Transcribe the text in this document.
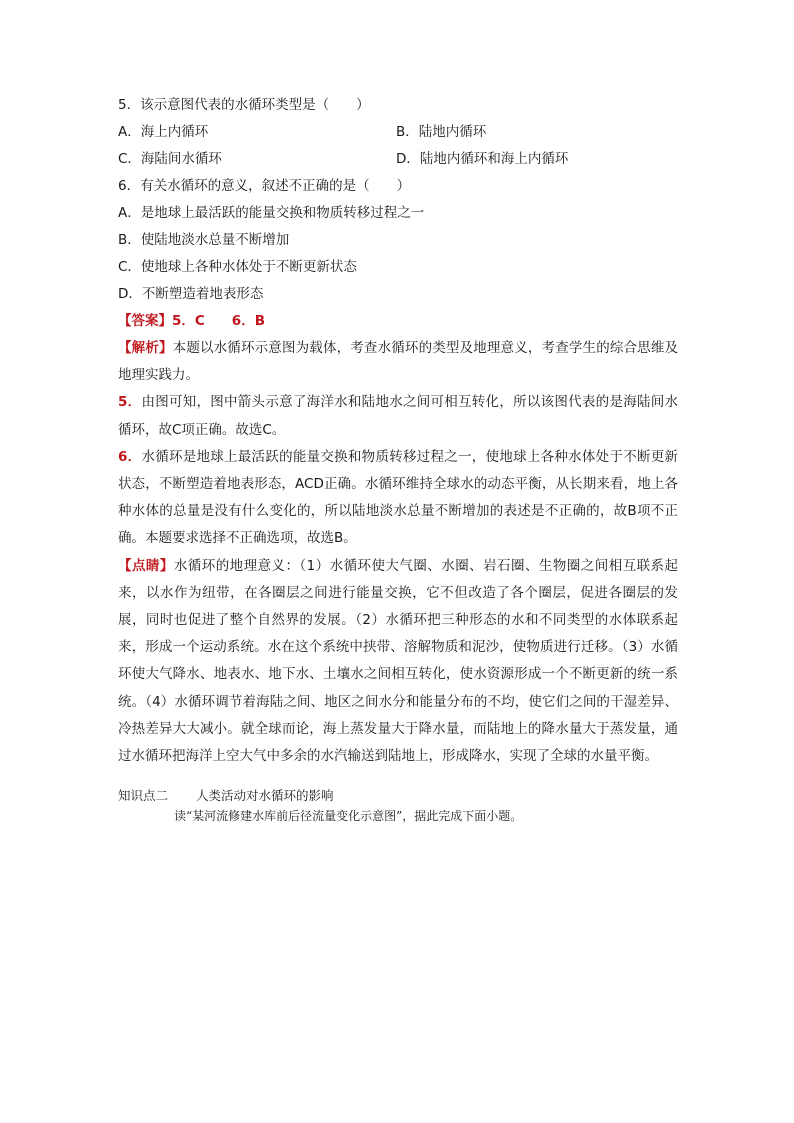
5．该示意图代表的水循环类型是（　　）
A．海上内循环	B．陆地内循环
C．海陆间水循环	D．陆地内循环和海上内循环
6．有关水循环的意义，叙述不正确的是（　　）
A．是地球上最活跃的能量交换和物质转移过程之一
B．使陆地淡水总量不断增加
C．使地球上各种水体处于不断更新状态
D．不断塑造着地表形态
【答案】5．C　　6．B
【解析】本题以水循环示意图为载体，考查水循环的类型及地理意义，考查学生的综合思维及地理实践力。
5．由图可知，图中箭头示意了海洋水和陆地水之间可相互转化，所以该图代表的是海陆间水循环，故C项正确。故选C。
6．水循环是地球上最活跃的能量交换和物质转移过程之一，使地球上各种水体处于不断更新状态，不断塑造着地表形态，ACD正确。水循环维持全球水的动态平衡，从长期来看，地上各种水体的总量是没有什么变化的，所以陆地淡水总量不断增加的表述是不正确的，故B项不正确。本题要求选择不正确选项，故选B。
【点睛】水循环的地理意义：（1）水循环使大气圈、水圈、岩石圈、生物圈之间相互联系起来，以水作为纽带，在各圈层之间进行能量交换，它不但改造了各个圈层，促进各圈层的发展，同时也促进了整个自然界的发展。（2）水循环把三种形态的水和不同类型的水体联系起来，形成一个运动系统。水在这个系统中挟带、溶解物质和泥沙，使物质进行迁移。（3）水循环使大气降水、地表水、地下水、土壤水之间相互转化，使水资源形成一个不断更新的统一系统。（4）水循环调节着海陆之间、地区之间水分和能量分布的不均，使它们之间的干湿差异、冷热差异大大减小。就全球而论，海上蒸发量大于降水量，而陆地上的降水量大于蒸发量，通过水循环把海洋上空大气中多余的水汽输送到陆地上，形成降水，实现了全球的水量平衡。
知识点二 人类活动对水循环的影响
读“某河流修建水库前后径流量变化示意图”，据此完成下面小题。
